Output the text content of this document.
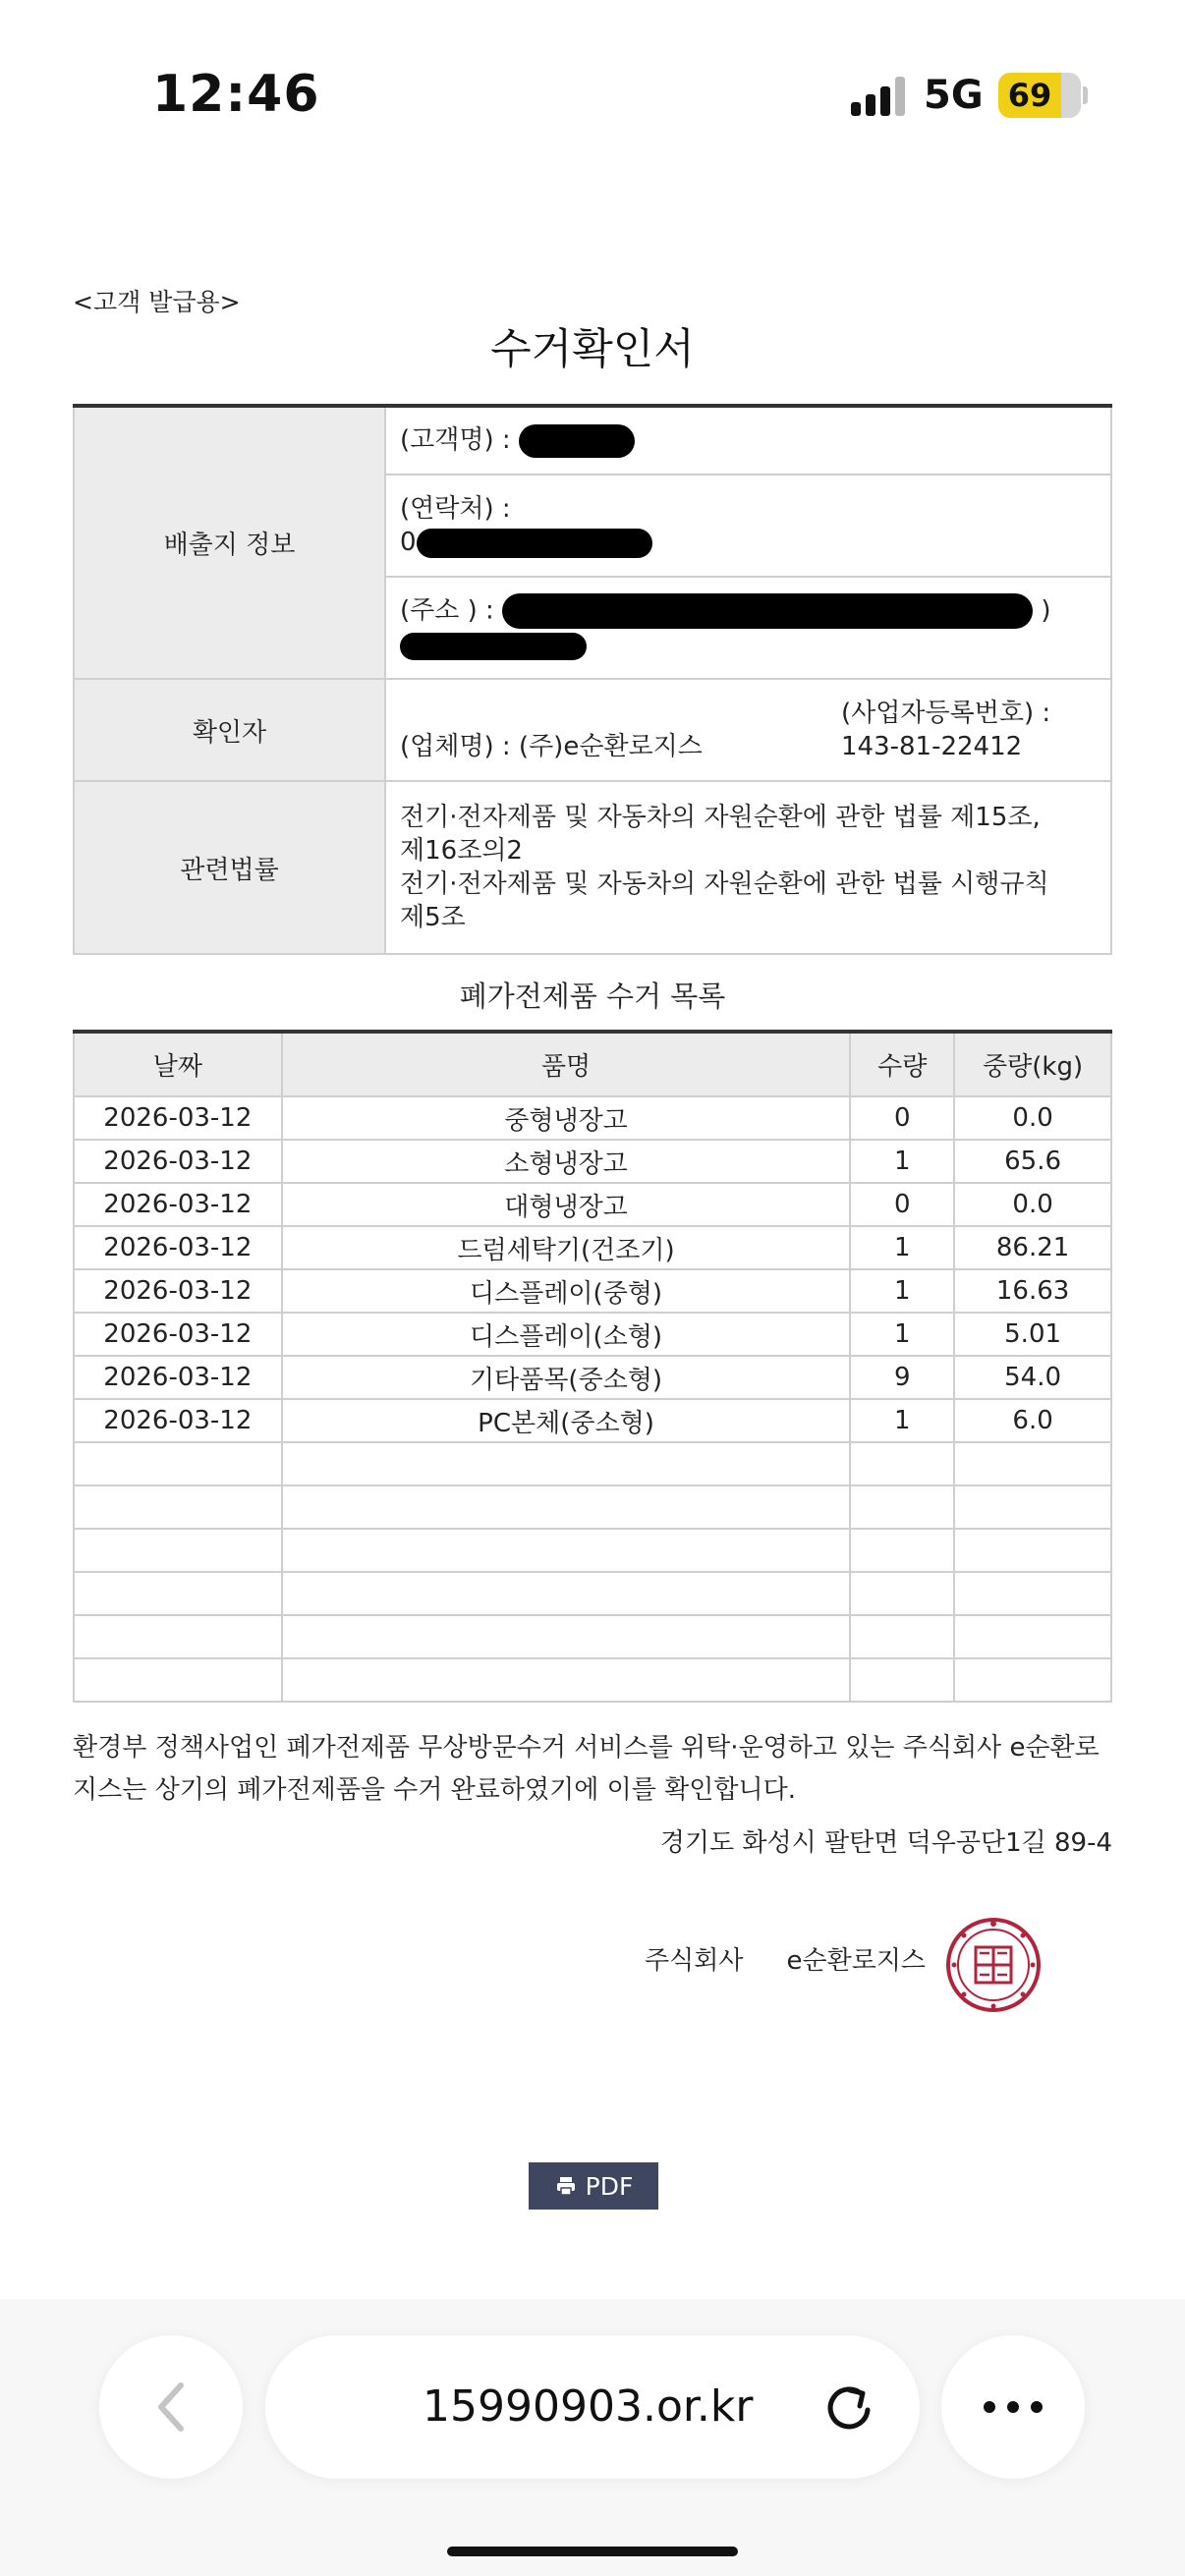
12:46	5G 69
<고객 발급용>
수거확인서
배출지 정보	(고객명) :

	(연락처) :
0

	(주소 ) : )

확인자	(업체명) : (주)e순환로지스
(사업자등록번호) :
143-81-22412

관련법률	전기·전자제품 및 자동차의 자원순환에 관한 법률 제15조,
제16조의2
전기·전자제품 및 자동차의 자원순환에 관한 법률 시행규칙
제5조
폐가전제품 수거 목록
날짜	품명	수량	중량(kg)
2026-03-12	중형냉장고	0	0.0
2026-03-12	소형냉장고	1	65.6
2026-03-12	대형냉장고	0	0.0
2026-03-12	드럼세탁기(건조기)	1	86.21
2026-03-12	디스플레이(중형)	1	16.63
2026-03-12	디스플레이(소형)	1	5.01
2026-03-12	기타품목(중소형)	9	54.0
2026-03-12	PC본체(중소형)	1	6.0

환경부 정책사업인 폐가전제품 무상방문수거 서비스를 위탁·운영하고 있는 주식회사 e순환로지스는 상기의 폐가전제품을 수거 완료하였기에 이를 확인합니다.
경기도 화성시 팔탄면 덕우공단1길 89-4
주식회사 e순환로지스
PDF
15990903.or.kr
